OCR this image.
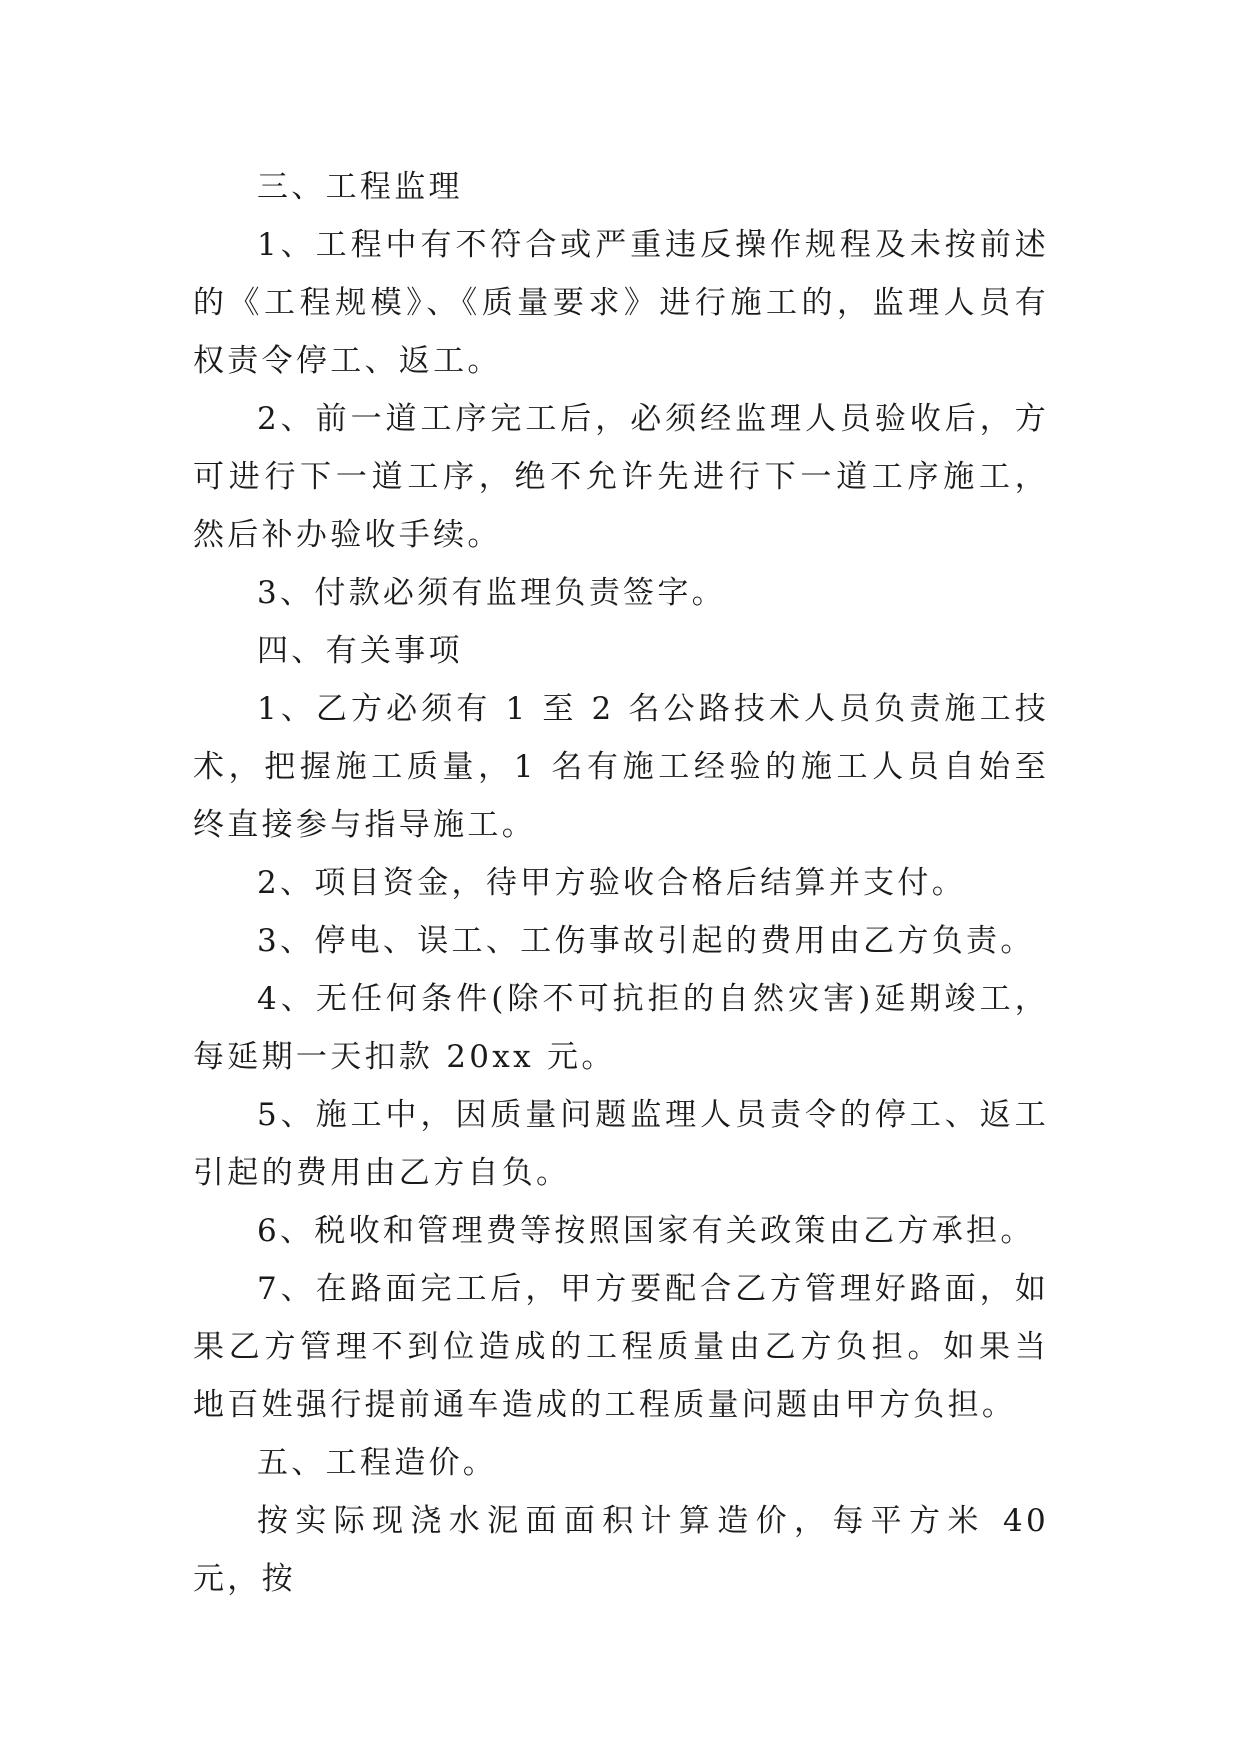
三、工程监理

1、工程中有不符合或严重违反操作规程及未按前述的《工程规模》、《质量要求》进行施工的，监理人员有权责令停工、返工。

2、前一道工序完工后，必须经监理人员验收后，方可进行下一道工序，绝不允许先进行下一道工序施工，然后补办验收手续。

3、付款必须有监理负责签字。

四、有关事项

1、乙方必须有 1 至 2 名公路技术人员负责施工技术，把握施工质量，1 名有施工经验的施工人员自始至终直接参与指导施工。

2、项目资金，待甲方验收合格后结算并支付。

3、停电、误工、工伤事故引起的费用由乙方负责。

4、无任何条件(除不可抗拒的自然灾害)延期竣工，每延期一天扣款 20xx 元。

5、施工中，因质量问题监理人员责令的停工、返工引起的费用由乙方自负。

6、税收和管理费等按照国家有关政策由乙方承担。

7、在路面完工后，甲方要配合乙方管理好路面，如果乙方管理不到位造成的工程质量由乙方负担。如果当地百姓强行提前通车造成的工程质量问题由甲方负担。

五、工程造价。

按实际现浇水泥面面积计算造价，每平方米 40 元，按
